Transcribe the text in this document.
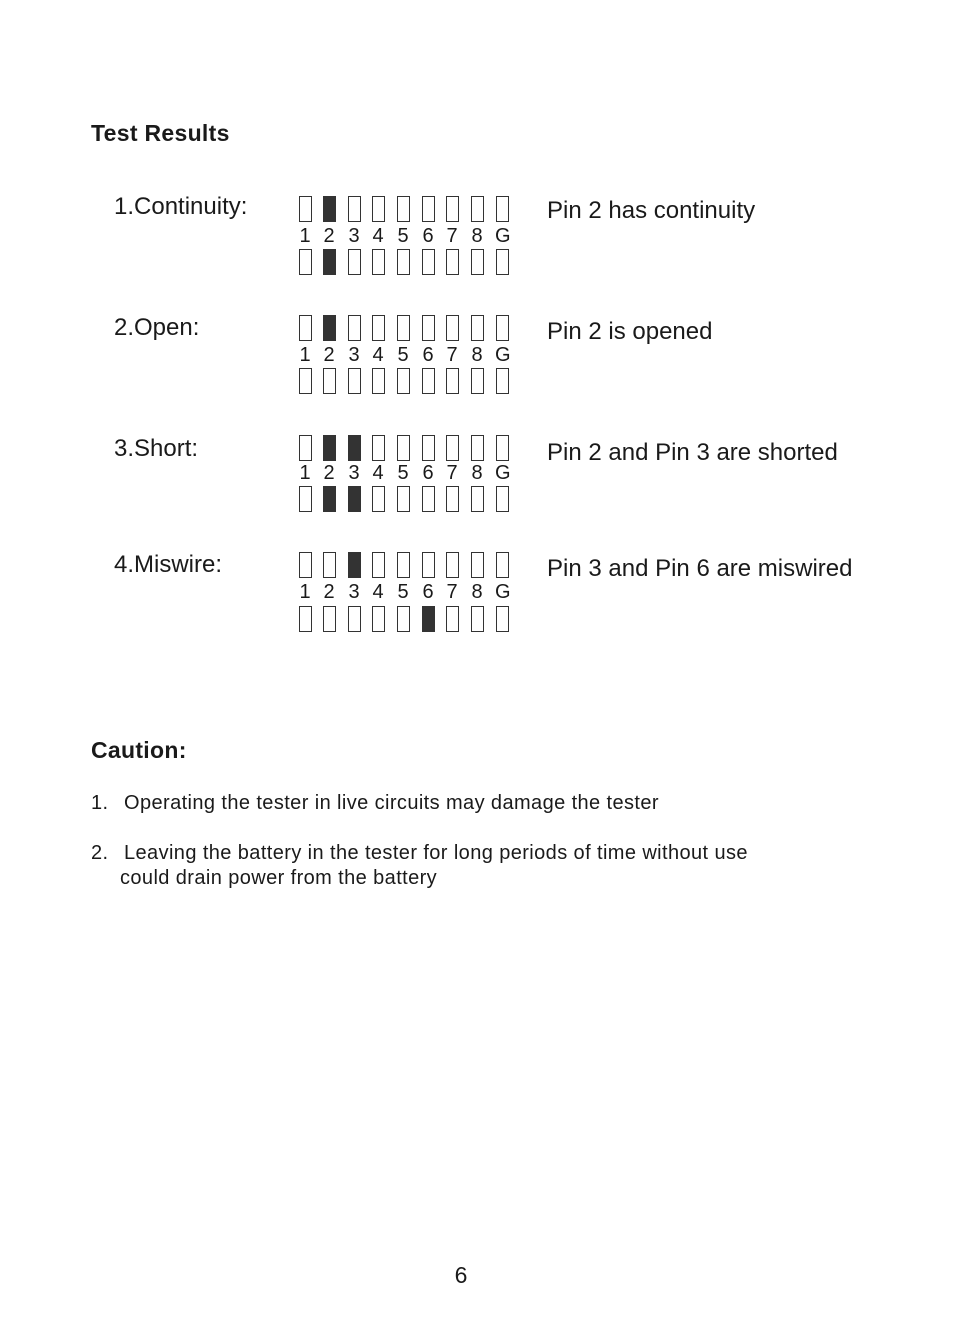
Test Results
1.Continuity:
1 2 3 4 5 6 7 8 G
Pin 2 has continuity
2.Open:
1 2 3 4 5 6 7 8 G
Pin 2 is opened
3.Short:
1 2 3 4 5 6 7 8 G
Pin 2 and Pin 3 are shorted
4.Miswire:
1 2 3 4 5 6 7 8 G
Pin 3 and Pin 6 are miswired
Caution:
1. Operating the tester in live circuits may damage the tester
2. Leaving the battery in the tester for long periods of time without use
could drain power from the battery
6
